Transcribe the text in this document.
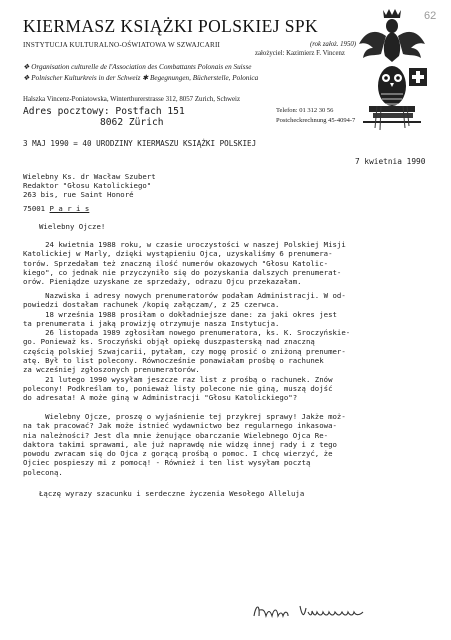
KIERMASZ KSIĄŻKI POLSKIEJ SPK
INSTYTUCJA KULTURALNO-OŚWIATOWA W SZWAJCARII	(rok założ. 1950)
założyciel: Kazimierz F. Vincenz
❖ Organisation culturelle de l'Association des Combattants Polonais en Suisse
❖ Polnischer Kulturkreis in der Schweiz ✱ Begegnungen, Bücherstelle, Polonica
Halszka Vincenz-Poniatowska, Winterthurerstrasse 312, 8057 Zurich, Schweiz
Adres pocztowy: Postfach 151
8062 Zürich
Telefon: 01 312 30 56
Postcheckrechnung 45-4094-7
62
3 MAJ 1990 = 40 URODZINY KIERMASZU KSIĄŻKI POLSKIEJ
7 kwietnia 1990
Wielebny Ks. dr Wacław Szubert
Redaktor "Głosu Katolickiego"
263 bis, rue Saint Honoré
75001 P a r i s
Wielebny Ojcze!
24 kwietnia 1988 roku, w czasie uroczystości w naszej Polskiej Misji
Katolickiej w Marly, dzięki wystąpieniu Ojca, uzyskaliśmy 6 prenumera-
torów. Sprzedałam też znaczną ilość numerów okazowych "Głosu Katolic-
kiego", co jednak nie przyczyniło się do pozyskania dalszych prenumerat-
orów. Pieniądze uzyskane ze sprzedaży, odrazu Ojcu przekazałam.
Nazwiska i adresy nowych prenumeratorów podałam Administracji. W od-
powiedzi dostałam rachunek /kopię załączam/, z 25 czerwca.
18 września 1988 prosiłam o dokładniejsze dane: za jaki okres jest
ta prenumerata i jaką prowizję otrzymuje nasza Instytucja.
26 listopada 1989 zgłosiłam nowego prenumeratora, ks. K. Sroczyńskie-
go. Ponieważ ks. Sroczyński objął opiekę duszpasterską nad znaczną
częścią polskiej Szwajcarii, pytałam, czy mogę prosić o zniżoną prenumer-
atę. Był to list polecony. Równocześnie ponawiałam prośbę o rachunek
za wcześniej zgłoszonych prenumeratorów.
21 lutego 1990 wysyłam jeszcze raz list z prośbą o rachunek. Znów
polecony! Podkreślam to, ponieważ listy polecone nie giną, muszą dojść
do adresata! A może giną w Administracji "Głosu Katolickiego"?
Wielebny Ojcze, proszę o wyjaśnienie tej przykrej sprawy! Jakże moż-
na tak pracować? Jak może istnieć wydawnictwo bez regularnego inkasowa-
nia należności? Jest dla mnie żenujące obarczanie Wielebnego Ojca Re-
daktora takimi sprawami, ale już naprawdę nie widzę innej rady i z tego
powodu zwracam się do Ojca z gorącą prośbą o pomoc. I chcę wierzyć, że
Ojciec pospieszy mi z pomocą! - Również i ten list wysyłam pocztą
poleconą.
Łączę wyrazy szacunku i serdeczne życzenia Wesołego Alleluja
